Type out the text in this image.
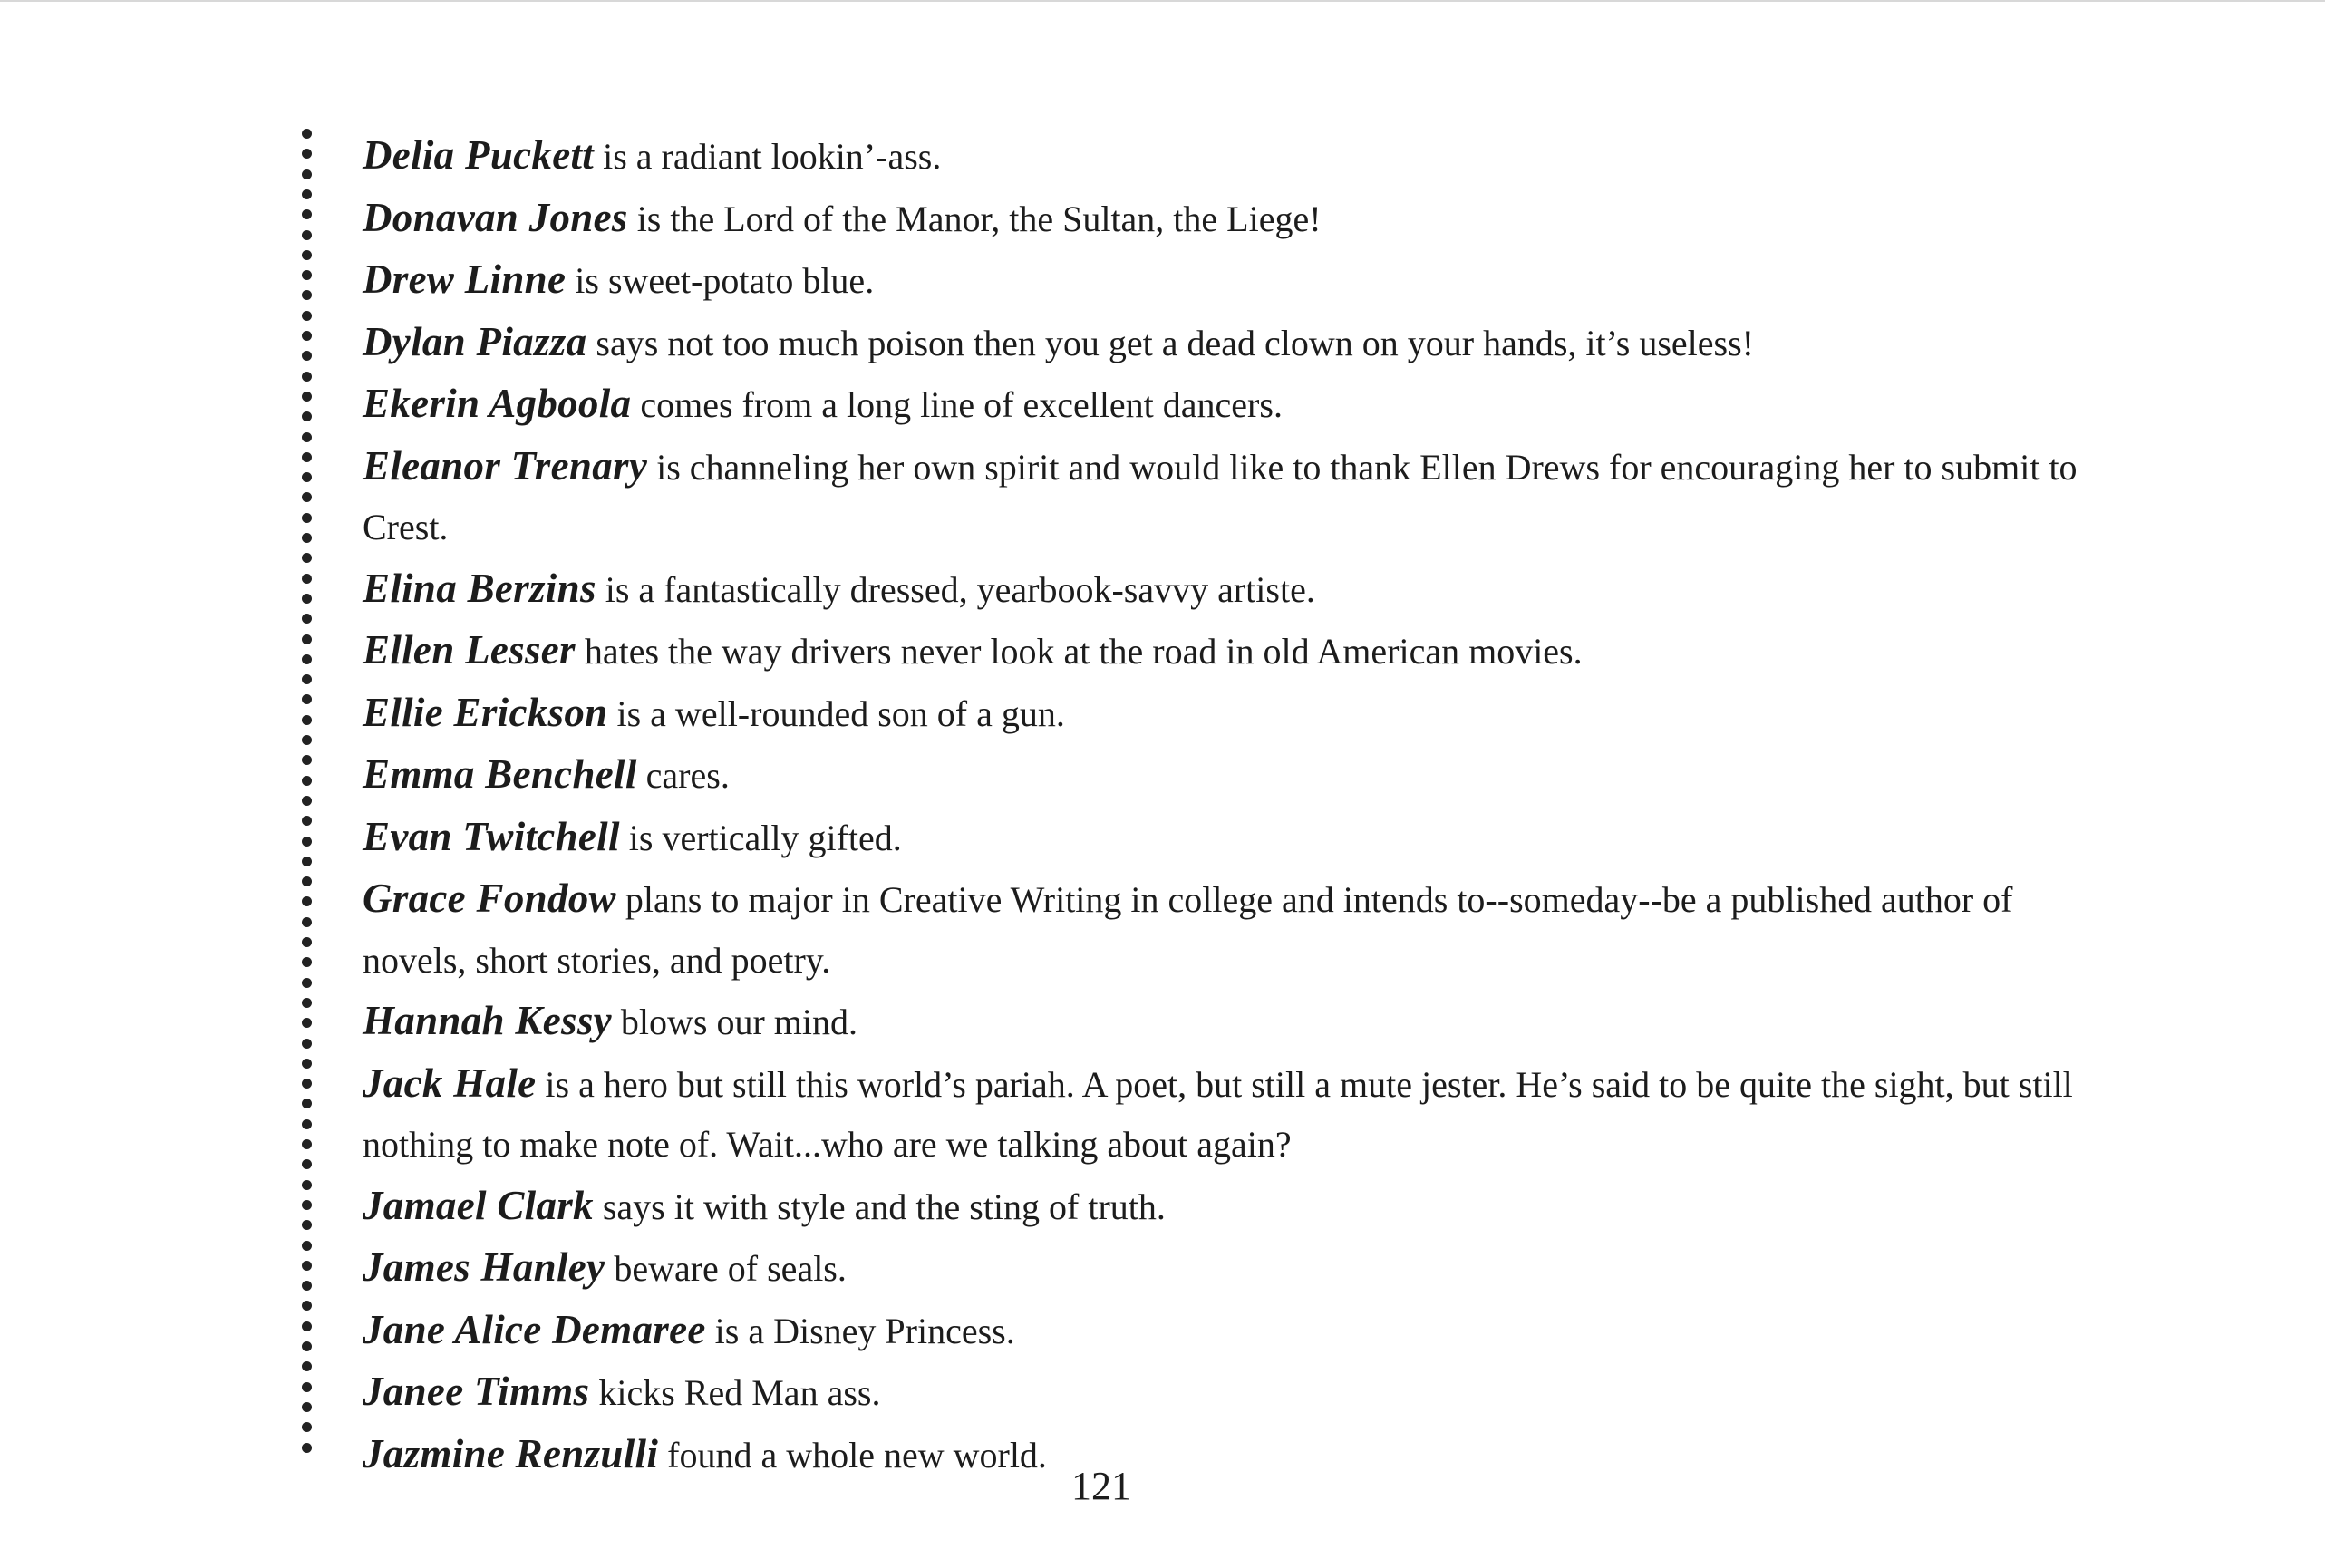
Delia Puckett is a radiant lookin’-ass.
Donavan Jones is the Lord of the Manor, the Sultan, the Liege!
Drew Linne is sweet-potato blue.
Dylan Piazza says not too much poison then you get a dead clown on your hands, it’s useless!
Ekerin Agboola comes from a long line of excellent dancers.
Eleanor Trenary is channeling her own spirit and would like to thank Ellen Drews for encouraging her to submit to Crest.
Elina Berzins is a fantastically dressed, yearbook-savvy artiste.
Ellen Lesser hates the way drivers never look at the road in old American movies.
Ellie Erickson is a well-rounded son of a gun.
Emma Benchell cares.
Evan Twitchell is vertically gifted.
Grace Fondow plans to major in Creative Writing in college and intends to--someday--be a published author of novels, short stories, and poetry.
Hannah Kessy blows our mind.
Jack Hale is a hero but still this world’s pariah. A poet, but still a mute jester. He’s said to be quite the sight, but still nothing to make note of. Wait...who are we talking about again?
Jamael Clark says it with style and the sting of truth.
James Hanley beware of seals.
Jane Alice Demaree is a Disney Princess.
Janee Timms kicks Red Man ass.
Jazmine Renzulli found a whole new world.
121
